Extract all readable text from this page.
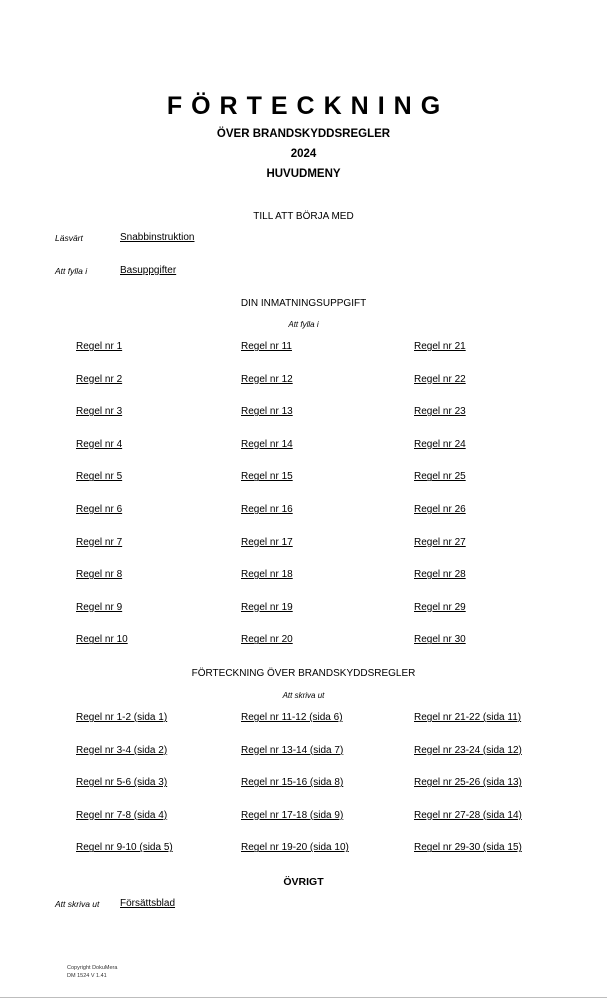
FÖRTECKNING
ÖVER BRANDSKYDDSREGLER
2024
HUVUDMENY
TILL ATT BÖRJA MED
Läsvärt	Snabbinstruktion
Att fylla i	Basuppgifter
DIN INMATNINGSUPPGIFT
Att fylla i
Regel nr 1	Regel nr 11	Regel nr 21
Regel nr 2	Regel nr 12	Regel nr 22
Regel nr 3	Regel nr 13	Regel nr 23
Regel nr 4	Regel nr 14	Regel nr 24
Regel nr 5	Regel nr 15	Regel nr 25
Regel nr 6	Regel nr 16	Regel nr 26
Regel nr 7	Regel nr 17	Regel nr 27
Regel nr 8	Regel nr 18	Regel nr 28
Regel nr 9	Regel nr 19	Regel nr 29
Regel nr 10	Regel nr 20	Regel nr 30
FÖRTECKNING ÖVER BRANDSKYDDSREGLER
Att skriva ut
Regel nr 1-2 (sida 1)	Regel nr 11-12 (sida 6)	Regel nr 21-22 (sida 11)
Regel nr 3-4 (sida 2)	Regel nr 13-14 (sida 7)	Regel nr 23-24 (sida 12)
Regel nr 5-6 (sida 3)	Regel nr 15-16 (sida 8)	Regel nr 25-26 (sida 13)
Regel nr 7-8 (sida 4)	Regel nr 17-18 (sida 9)	Regel nr 27-28 (sida 14)
Regel nr 9-10 (sida 5)	Regel nr 19-20 (sida 10)	Regel nr 29-30 (sida 15)
ÖVRIGT
Att skriva ut Försättsblad
Copyright DokuMera
DM 1524 V 1.41
